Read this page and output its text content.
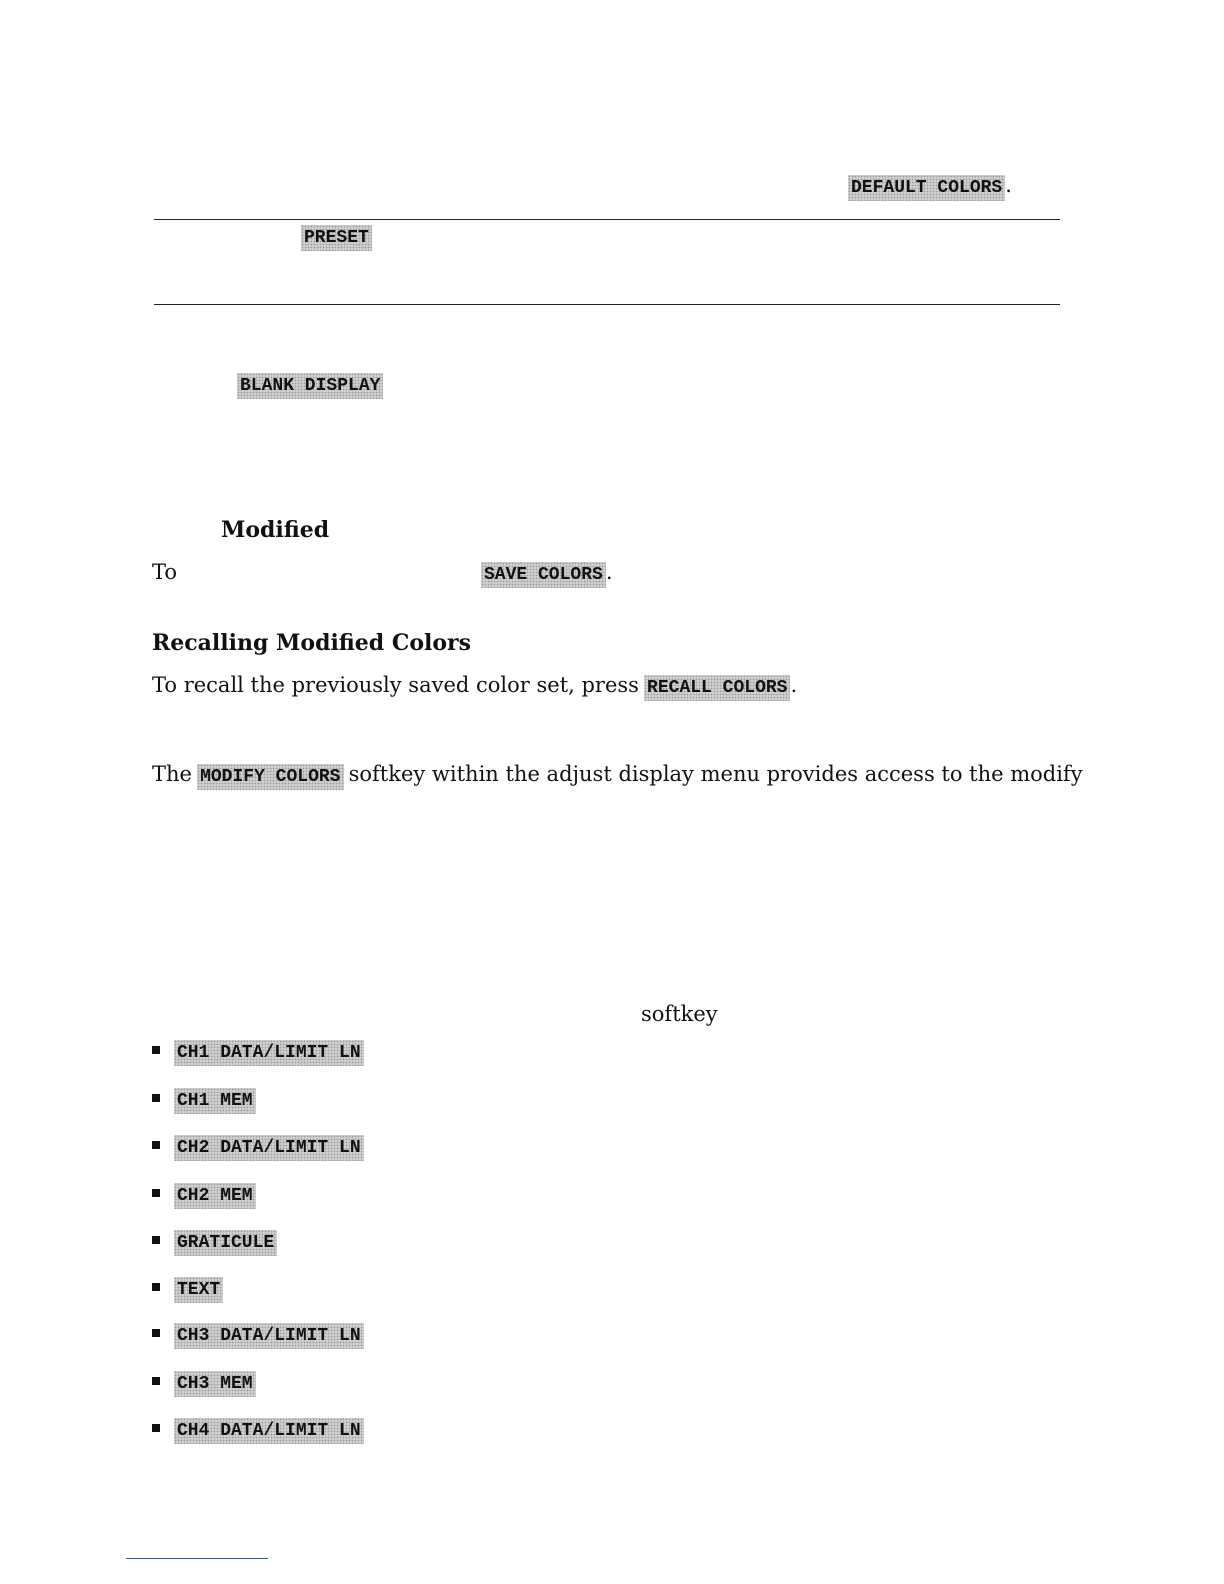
DEFAULT COLORS .
PRESET
BLANK DISPLAY
Modified
To	SAVE COLORS .
Recalling Modified Colors
To recall the previously saved color set, press RECALL COLORS .
The MODIFY COLORS softkey within the adjust display menu provides access to the modify
softkey
CH1 DATA/LIMIT LN
CH1 MEM
CH2 DATA/LIMIT LN
CH2 MEM
GRATICULE
TEXT
CH3 DATA/LIMIT LN
CH3 MEM
CH4 DATA/LIMIT LN
